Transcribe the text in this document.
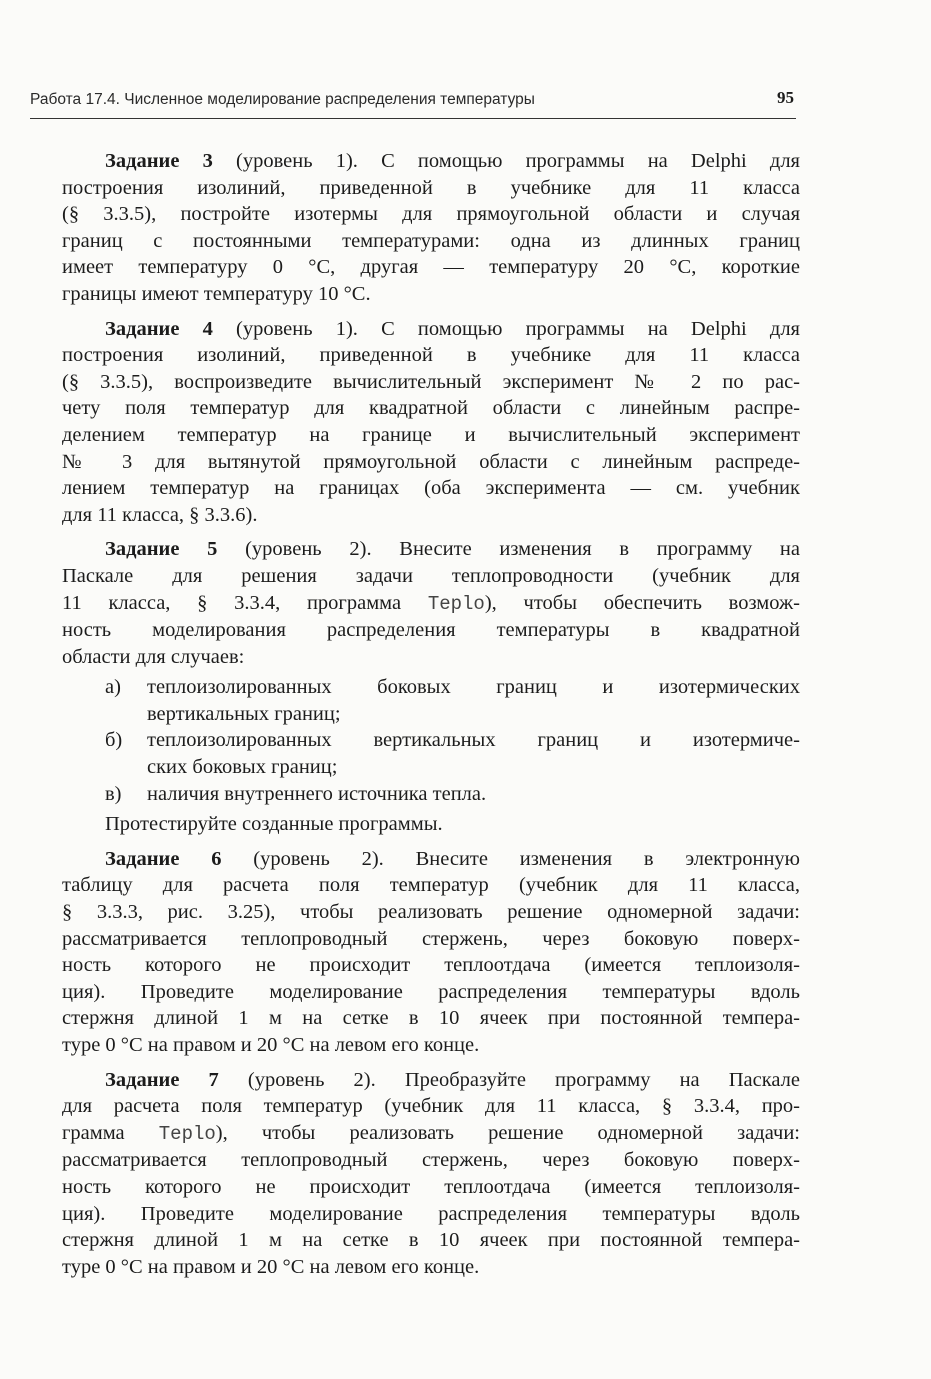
Работа 17.4. Численное моделирование распределения температуры	95
Задание 3 (уровень 1). С помощью программы на Delphi для
построения изолиний, приведенной в учебнике для 11 класса
(§ 3.3.5), постройте изотермы для прямоугольной области и случая
границ с постоянными температурами: одна из длинных границ
имеет температуру 0 °С, другая — температуру 20 °С, короткие
границы имеют температуру 10 °С.
Задание 4 (уровень 1). С помощью программы на Delphi для
построения изолиний, приведенной в учебнике для 11 класса
(§ 3.3.5), воспроизведите вычислительный эксперимент № 2 по рас-
чету поля температур для квадратной области с линейным распре-
делением температур на границе и вычислительный эксперимент
№ 3 для вытянутой прямоугольной области с линейным распреде-
лением температур на границах (оба эксперимента — см. учебник
для 11 класса, § 3.3.6).
Задание 5 (уровень 2). Внесите изменения в программу на
Паскале для решения задачи теплопроводности (учебник для
11 класса, § 3.3.4, программа Teplo), чтобы обеспечить возмож-
ность моделирования распределения температуры в квадратной
области для случаев:
а) теплоизолированных боковых границ и изотермических
вертикальных границ;
б) теплоизолированных вертикальных границ и изотермиче-
ских боковых границ;
в) наличия внутреннего источника тепла.
Протестируйте созданные программы.
Задание 6 (уровень 2). Внесите изменения в электронную
таблицу для расчета поля температур (учебник для 11 класса,
§ 3.3.3, рис. 3.25), чтобы реализовать решение одномерной задачи:
рассматривается теплопроводный стержень, через боковую поверх-
ность которого не происходит теплоотдача (имеется теплоизоля-
ция). Проведите моделирование распределения температуры вдоль
стержня длиной 1 м на сетке в 10 ячеек при постоянной темпера-
туре 0 °С на правом и 20 °С на левом его конце.
Задание 7 (уровень 2). Преобразуйте программу на Паскале
для расчета поля температур (учебник для 11 класса, § 3.3.4, про-
грамма Teplo), чтобы реализовать решение одномерной задачи:
рассматривается теплопроводный стержень, через боковую поверх-
ность которого не происходит теплоотдача (имеется теплоизоля-
ция). Проведите моделирование распределения температуры вдоль
стержня длиной 1 м на сетке в 10 ячеек при постоянной темпера-
туре 0 °С на правом и 20 °С на левом его конце.
